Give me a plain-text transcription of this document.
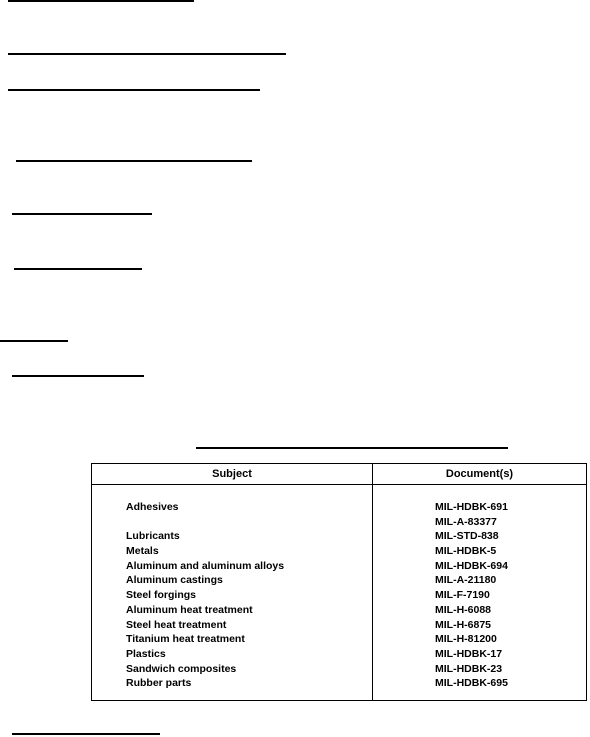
Subject	Document(s)
Adhesives	MIL-HDBK-691
MIL-A-83377
Lubricants	MIL-STD-838
Metals	MIL-HDBK-5
Aluminum and aluminum alloys	MIL-HDBK-694
Aluminum castings	MIL-A-21180
Steel forgings	MIL-F-7190
Aluminum heat treatment	MIL-H-6088
Steel heat treatment	MIL-H-6875
Titanium heat treatment	MIL-H-81200
Plastics	MIL-HDBK-17
Sandwich composites	MIL-HDBK-23
Rubber parts	MIL-HDBK-695
